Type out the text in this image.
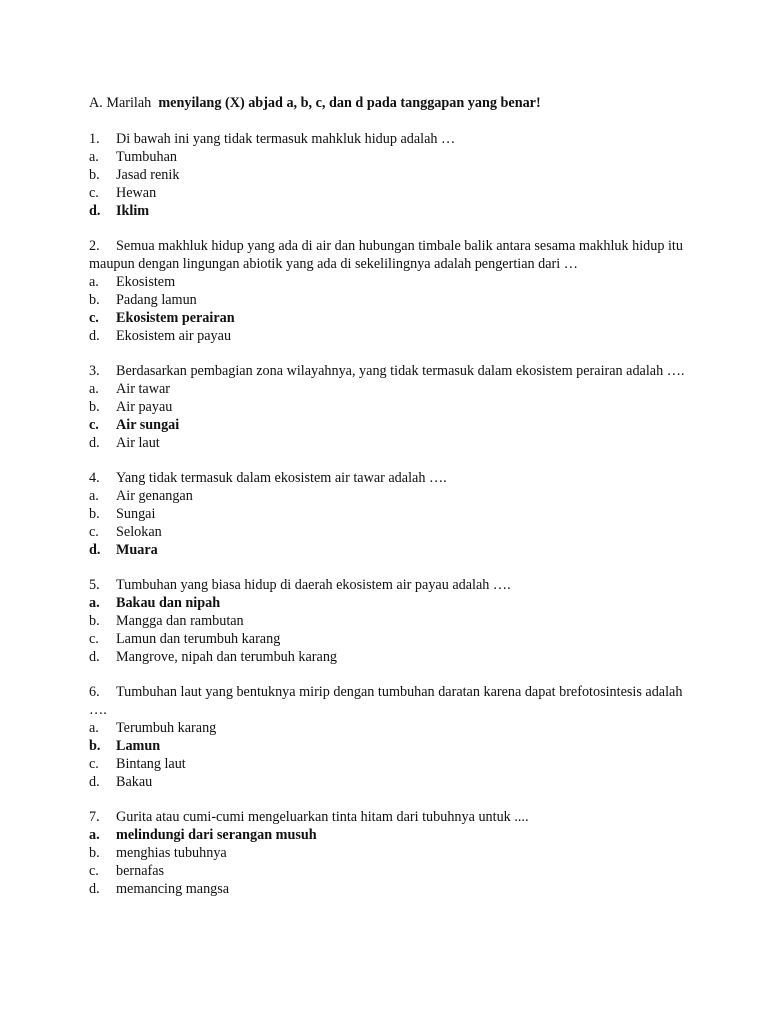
A. Marilah menyilang (X) abjad a, b, c, dan d pada tanggapan yang benar!

1. Di bawah ini yang tidak termasuk mahkluk hidup adalah …

a. Tumbuhan

b. Jasad renik

c. Hewan

d. Iklim

2. Semua makhluk hidup yang ada di air dan hubungan timbale balik antara sesama makhluk hidup itu maupun dengan lingungan abiotik yang ada di sekelilingnya adalah pengertian dari …

a. Ekosistem

b. Padang lamun

c. Ekosistem perairan

d. Ekosistem air payau

3. Berdasarkan pembagian zona wilayahnya, yang tidak termasuk dalam ekosistem perairan adalah ….

a. Air tawar

b. Air payau

c. Air sungai

d. Air laut

4. Yang tidak termasuk dalam ekosistem air tawar adalah ….

a. Air genangan

b. Sungai

c. Selokan

d. Muara

5. Tumbuhan yang biasa hidup di daerah ekosistem air payau adalah ….

a. Bakau dan nipah

b. Mangga dan rambutan

c. Lamun dan terumbuh karang

d. Mangrove, nipah dan terumbuh karang

6. Tumbuhan laut yang bentuknya mirip dengan tumbuhan daratan karena dapat brefotosintesis adalah ….

a. Terumbuh karang

b. Lamun

c. Bintang laut

d. Bakau

7. Gurita atau cumi-cumi mengeluarkan tinta hitam dari tubuhnya untuk ....

a. melindungi dari serangan musuh

b. menghias tubuhnya

c. bernafas

d. memancing mangsa
